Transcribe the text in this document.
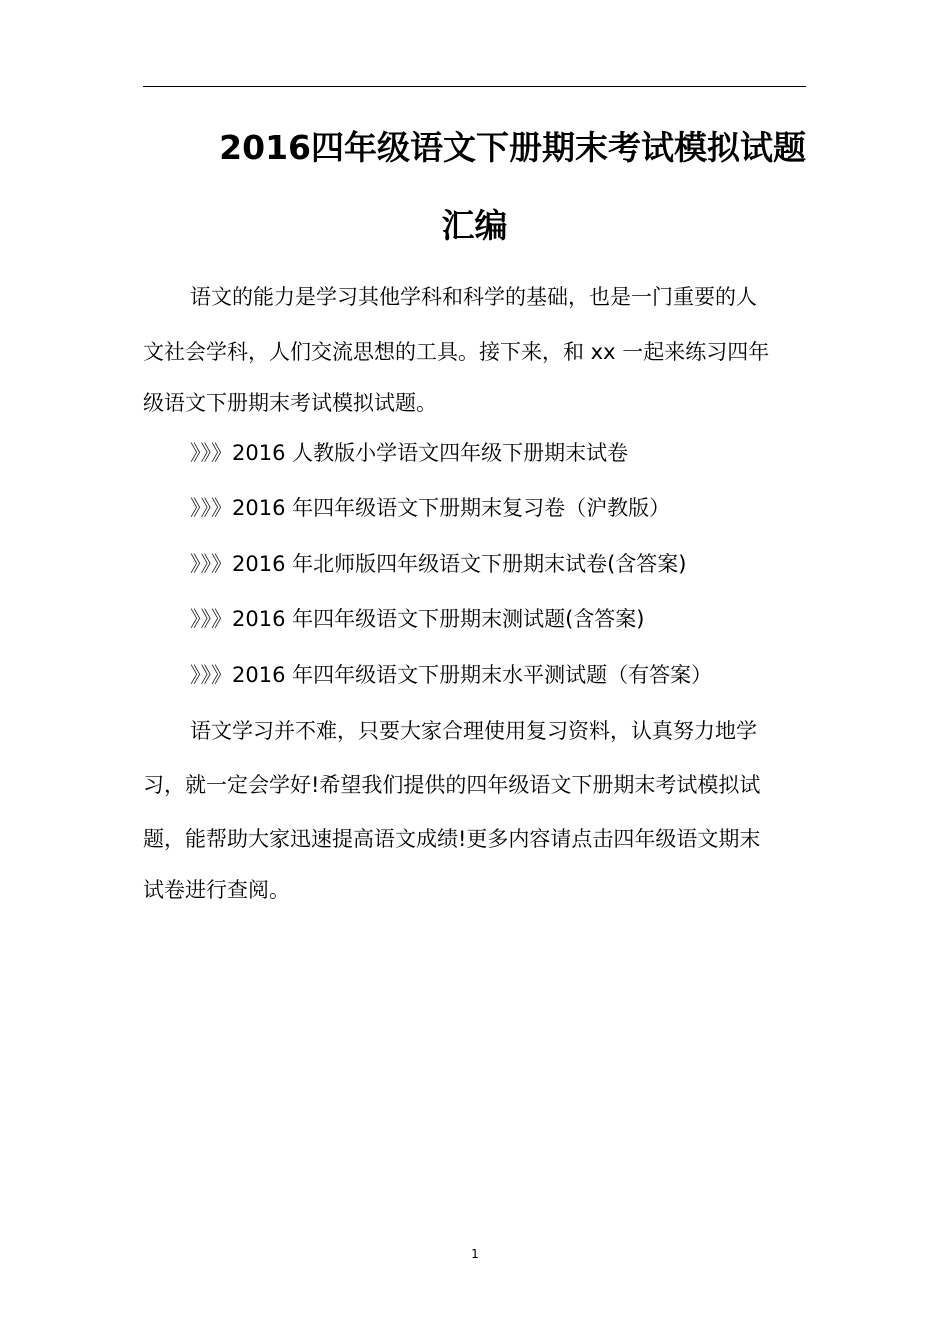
2016四年级语文下册期末考试模拟试题
汇编
语文的能力是学习其他学科和科学的基础，也是一门重要的人
文社会学科，人们交流思想的工具。接下来，和 xx 一起来练习四年
级语文下册期末考试模拟试题。
》》》2016 人教版小学语文四年级下册期末试卷
》》》2016 年四年级语文下册期末复习卷（沪教版）
》》》2016 年北师版四年级语文下册期末试卷(含答案)
》》》2016 年四年级语文下册期末测试题(含答案)
》》》2016 年四年级语文下册期末水平测试题（有答案）
语文学习并不难，只要大家合理使用复习资料，认真努力地学
习，就一定会学好!希望我们提供的四年级语文下册期末考试模拟试
题，能帮助大家迅速提高语文成绩!更多内容请点击四年级语文期末
试卷进行查阅。
1
